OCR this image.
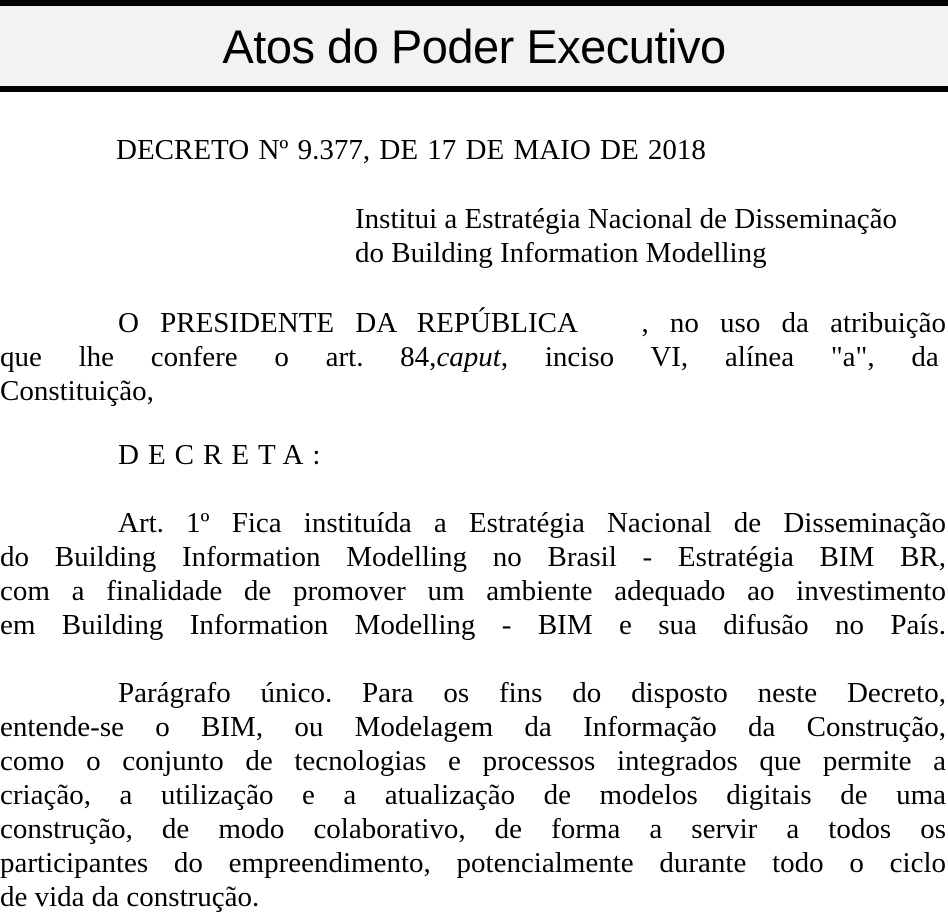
Atos do Poder Executivo
DECRETO Nº 9.377, DE 17 DE MAIO DE 2018
Institui a Estratégia Nacional de Disseminação
do Building Information Modelling
O PRESIDENTE DA REPÚBLICA , no uso da atribuição
que lhe confere o art. 84,caput, inciso VI, alínea "a", da
Constituição,
DECRETA:
Art. 1º Fica instituída a Estratégia Nacional de Disseminação
do Building Information Modelling no Brasil - Estratégia BIM BR,
com a finalidade de promover um ambiente adequado ao investimento
em Building Information Modelling - BIM e sua difusão no País.
Parágrafo único. Para os fins do disposto neste Decreto,
entende-se o BIM, ou Modelagem da Informação da Construção,
como o conjunto de tecnologias e processos integrados que permite a
criação, a utilização e a atualização de modelos digitais de uma
construção, de modo colaborativo, de forma a servir a todos os
participantes do empreendimento, potencialmente durante todo o ciclo
de vida da construção.
